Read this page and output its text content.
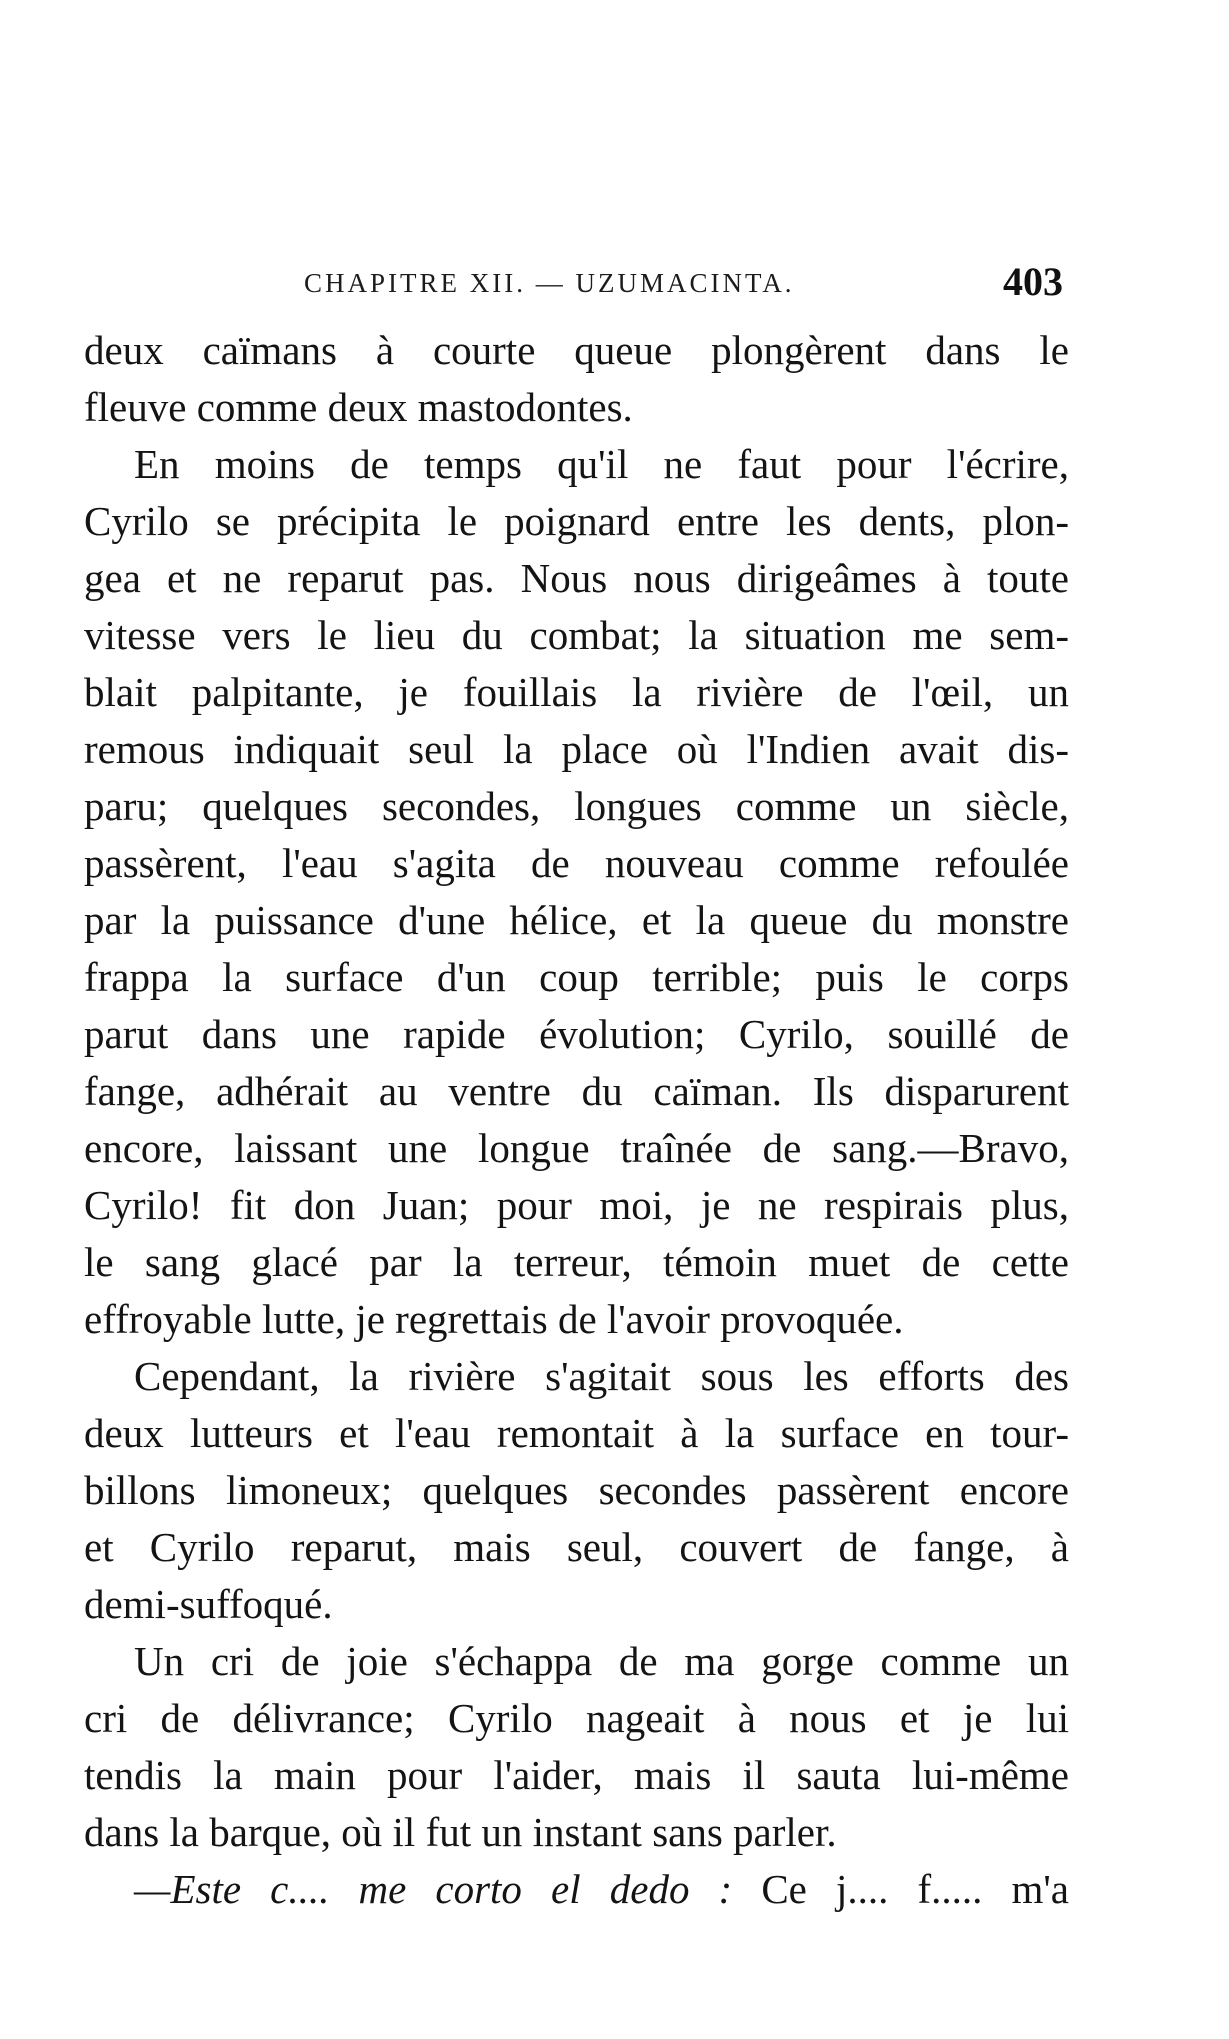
CHAPITRE XII. — UZUMACINTA.	403

deux caïmans à courte queue plongèrent dans le
fleuve comme deux mastodontes.

En moins de temps qu'il ne faut pour l'écrire,
Cyrilo se précipita le poignard entre les dents, plon-
gea et ne reparut pas. Nous nous dirigeâmes à toute
vitesse vers le lieu du combat; la situation me sem-
blait palpitante, je fouillais la rivière de l'œil, un
remous indiquait seul la place où l'Indien avait dis-
paru; quelques secondes, longues comme un siècle,
passèrent, l'eau s'agita de nouveau comme refoulée
par la puissance d'une hélice, et la queue du monstre
frappa la surface d'un coup terrible; puis le corps
parut dans une rapide évolution; Cyrilo, souillé de
fange, adhérait au ventre du caïman. Ils disparurent
encore, laissant une longue traînée de sang.—Bravo,
Cyrilo! fit don Juan; pour moi, je ne respirais plus,
le sang glacé par la terreur, témoin muet de cette
effroyable lutte, je regrettais de l'avoir provoquée.

Cependant, la rivière s'agitait sous les efforts des
deux lutteurs et l'eau remontait à la surface en tour-
billons limoneux; quelques secondes passèrent encore
et Cyrilo reparut, mais seul, couvert de fange, à
demi-suffoqué.

Un cri de joie s'échappa de ma gorge comme un
cri de délivrance; Cyrilo nageait à nous et je lui
tendis la main pour l'aider, mais il sauta lui-même
dans la barque, où il fut un instant sans parler.

—Este c.... me corto el dedo : Ce j.... f..... m'a
